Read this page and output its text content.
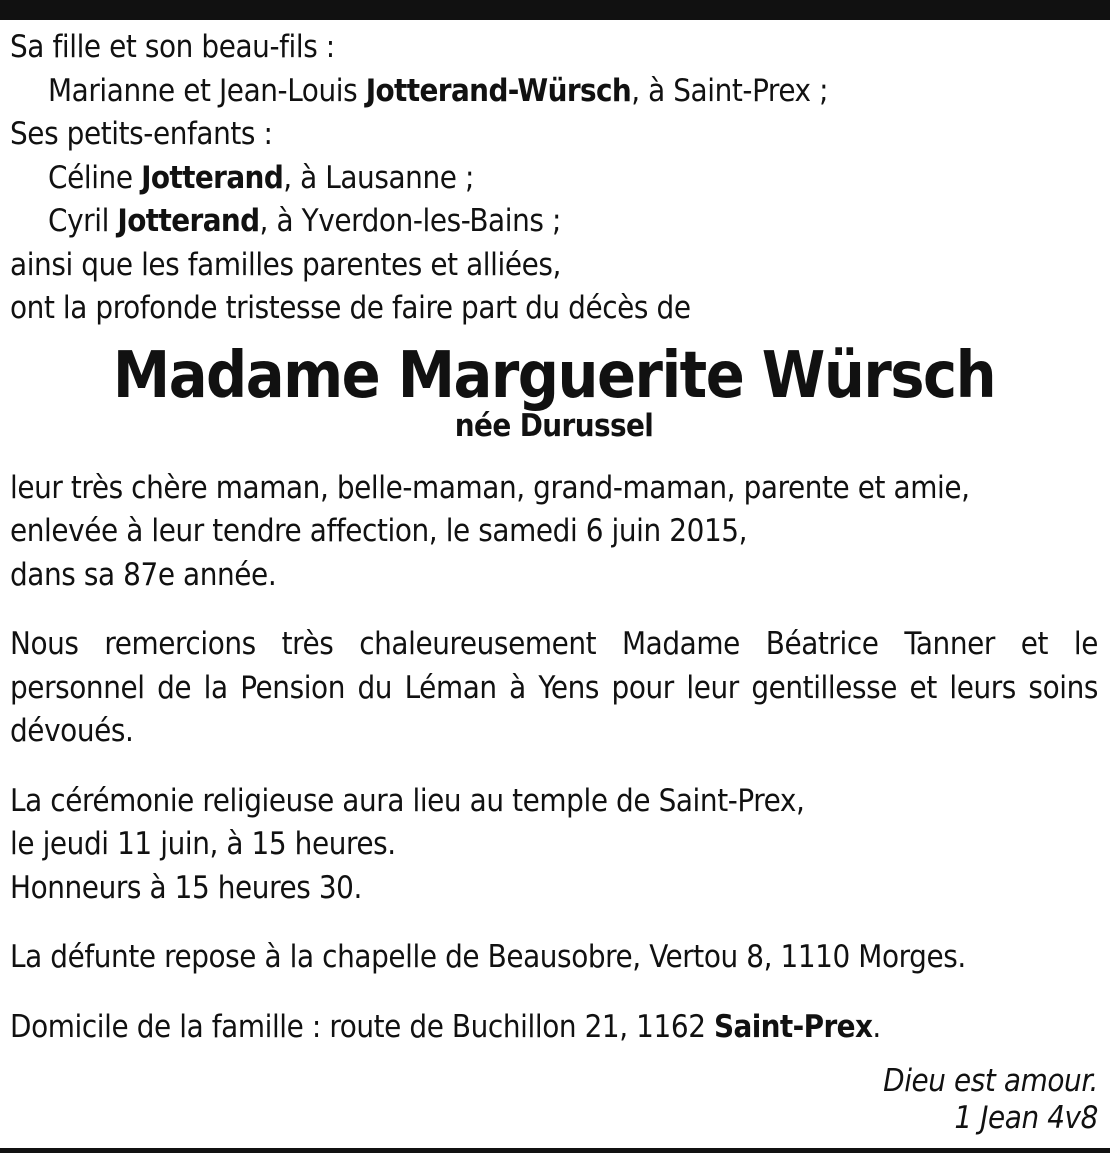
Sa fille et son beau-fils :
Marianne et Jean-Louis Jotterand-Würsch, à Saint-Prex ;
Ses petits-enfants :
Céline Jotterand, à Lausanne ;
Cyril Jotterand, à Yverdon-les-Bains ;
ainsi que les familles parentes et alliées,
ont la profonde tristesse de faire part du décès de
Madame Marguerite Würsch
née Durussel
leur très chère maman, belle-maman, grand-maman, parente et amie,
enlevée à leur tendre affection, le samedi 6 juin 2015,
dans sa 87e année.
Nous remercions très chaleureusement Madame Béatrice Tanner et le personnel de la Pension du Léman à Yens pour leur gentillesse et leurs soins dévoués.
La cérémonie religieuse aura lieu au temple de Saint-Prex,
le jeudi 11 juin, à 15 heures.
Honneurs à 15 heures 30.
La défunte repose à la chapelle de Beausobre, Vertou 8, 1110 Morges.
Domicile de la famille : route de Buchillon 21, 1162 Saint-Prex.
Dieu est amour.
1 Jean 4v8
